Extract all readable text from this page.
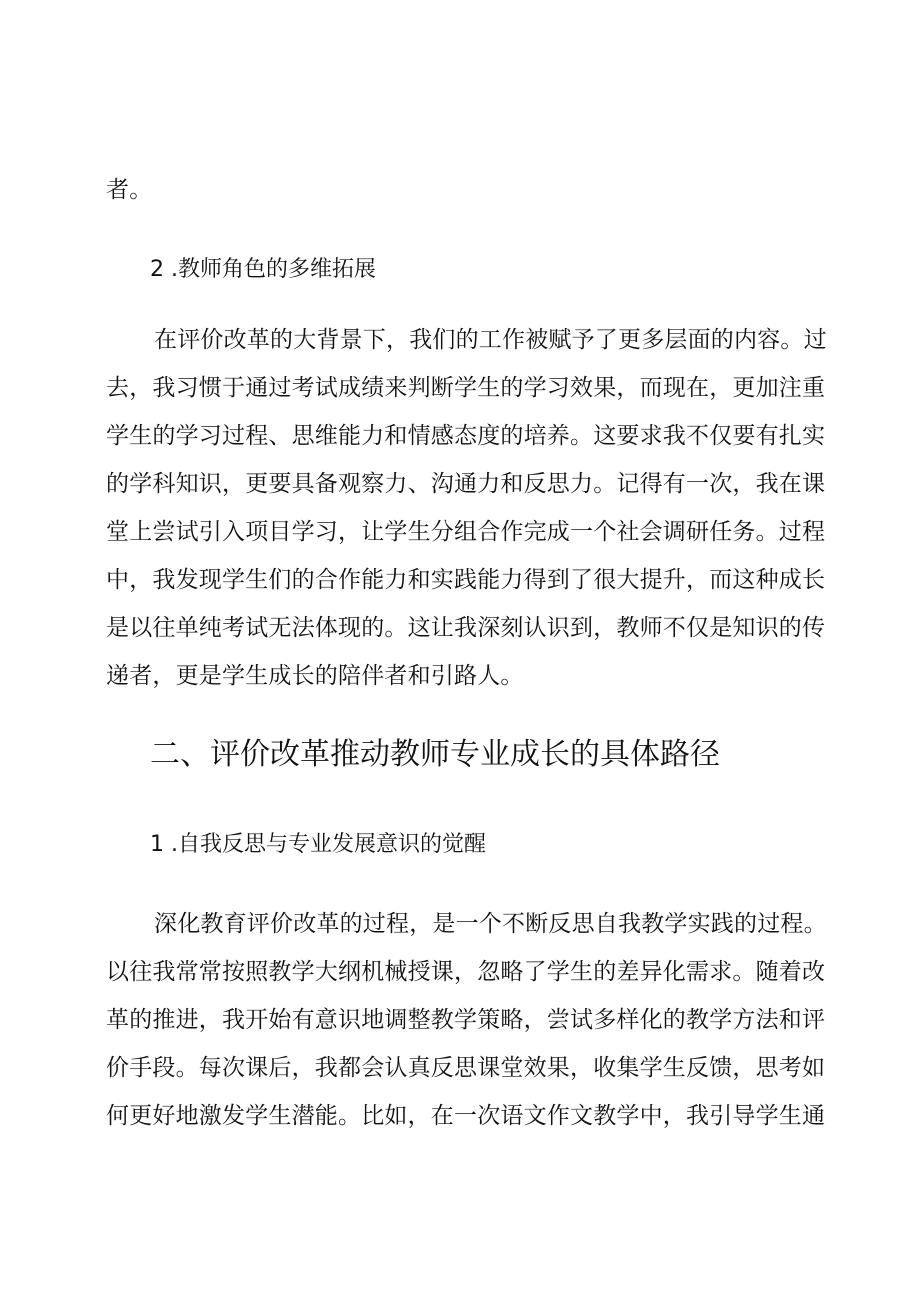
者。
2 .教师角色的多维拓展
在评价改革的大背景下，我们的工作被赋予了更多层面的内容。过
去，我习惯于通过考试成绩来判断学生的学习效果，而现在，更加注重
学生的学习过程、思维能力和情感态度的培养。这要求我不仅要有扎实
的学科知识，更要具备观察力、沟通力和反思力。记得有一次，我在课
堂上尝试引入项目学习，让学生分组合作完成一个社会调研任务。过程
中，我发现学生们的合作能力和实践能力得到了很大提升，而这种成长
是以往单纯考试无法体现的。这让我深刻认识到，教师不仅是知识的传
递者，更是学生成长的陪伴者和引路人。
二、评价改革推动教师专业成长的具体路径
1 .自我反思与专业发展意识的觉醒
深化教育评价改革的过程，是一个不断反思自我教学实践的过程。
以往我常常按照教学大纲机械授课，忽略了学生的差异化需求。随着改
革的推进，我开始有意识地调整教学策略，尝试多样化的教学方法和评
价手段。每次课后，我都会认真反思课堂效果，收集学生反馈，思考如
何更好地激发学生潜能。比如，在一次语文作文教学中，我引导学生通
